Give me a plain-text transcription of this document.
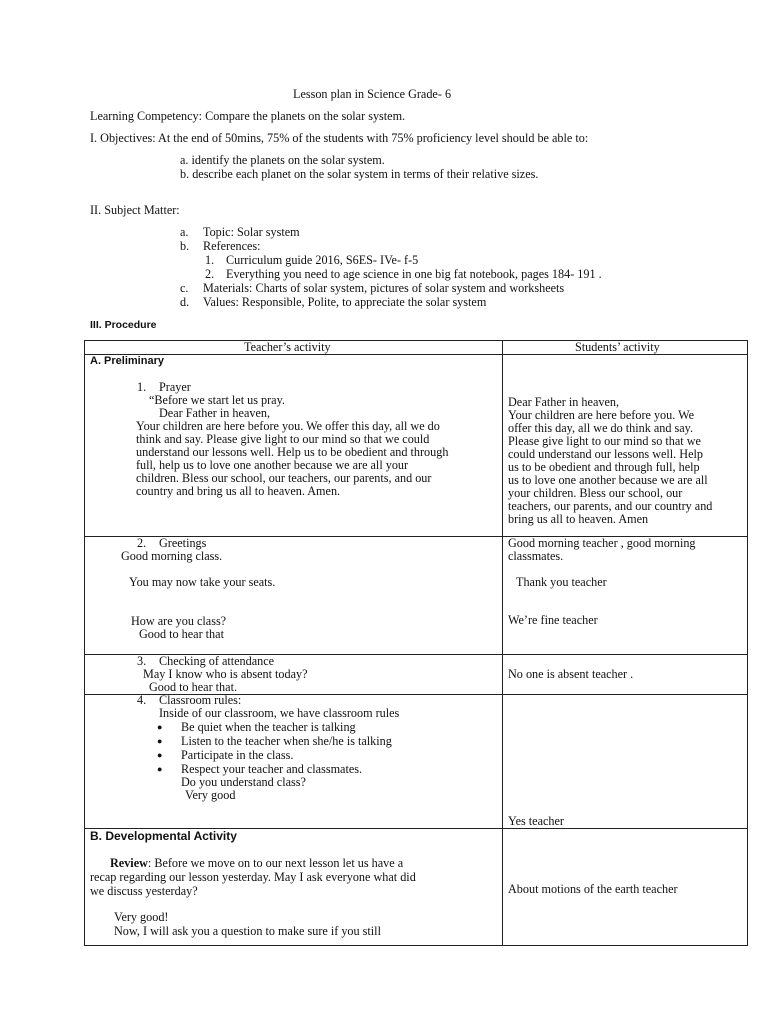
Lesson plan in Science Grade- 6
Learning Competency: Compare the planets on the solar system.
I. Objectives: At the end of 50mins, 75% of the students with 75% proficiency level should be able to:
a. identify the planets on the solar system.
b. describe each planet on the solar system in terms of their relative sizes.
II. Subject Matter:
a. Topic: Solar system
b. References:
1. Curriculum guide 2016, S6ES- IVe- f-5
2. Everything you need to age science in one big fat notebook, pages 184- 191 .
c. Materials: Charts of solar system, pictures of solar system and worksheets
d. Values: Responsible, Polite, to appreciate the solar system
III. Procedure
Teacher’s activity	Students’ activity
A. Preliminary
1. Prayer
“Before we start let us pray.
Dear Father in heaven,
Your children are here before you. We offer this day, all we do
think and say. Please give light to our mind so that we could
understand our lessons well. Help us to be obedient and through
full, help us to love one another because we are all your
children. Bless our school, our teachers, our parents, and our
country and bring us all to heaven. Amen.
Dear Father in heaven,
Your children are here before you. We
offer this day, all we do think and say.
Please give light to our mind so that we
could understand our lessons well. Help
us to be obedient and through full, help
us to love one another because we are all
your children. Bless our school, our
teachers, our parents, and our country and
bring us all to heaven. Amen
2. Greetings
Good morning class.
You may now take your seats.
How are you class?
Good to hear that
Good morning teacher , good morning
classmates.
Thank you teacher
We’re fine teacher
3. Checking of attendance
May I know who is absent today?
Good to hear that.
No one is absent teacher .
4. Classroom rules:
Inside of our classroom, we have classroom rules
● Be quiet when the teacher is talking
● Listen to the teacher when she/he is talking
● Participate in the class.
● Respect your teacher and classmates.
Do you understand class?
Very good
Yes teacher
B. Developmental Activity
Review: Before we move on to our next lesson let us have a
recap regarding our lesson yesterday. May I ask everyone what did
we discuss yesterday?
Very good!
Now, I will ask you a question to make sure if you still
About motions of the earth teacher
